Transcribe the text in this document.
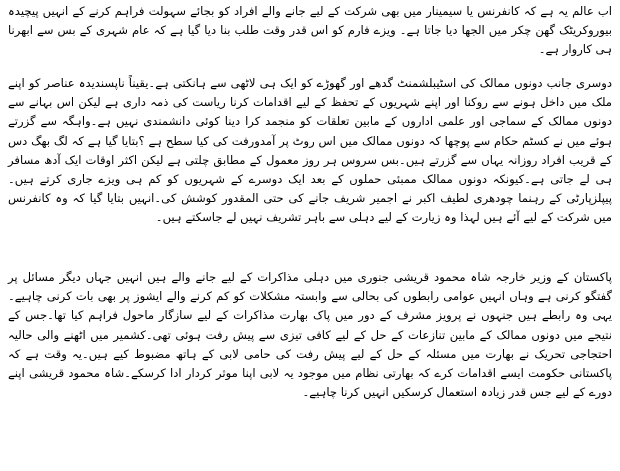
اب عالم یہ ہے کہ کانفرنس یا سیمینار میں بھی شرکت کے لیے جانے والے افراد کو بجائے سہولت فراہم کرنے کے انہیں پیچیدہ بیوروکریٹک گھن چکر میں الجھا دیا جاتا ہے۔ ویزے فارم کو اس قدر وقت طلب بنا دیا گیا ہے کہ عام شہری کے بس سے ابھرنا ہی کاروار ہے۔

دوسری جانب دونوں ممالک کی اسٹیبلشمنٹ گدھے اور گھوڑے کو ایک ہی لاٹھی سے ہانکتی ہے۔یقیناً ناپسندیدہ عناصر کو اپنے ملک میں داخل ہونے سے روکنا اور اپنے شہریوں کے تحفظ کے لیے اقدامات کرنا ریاست کی ذمہ داری ہے لیکن اس بہانے سے دونوں ممالک کے سماجی اور علمی اداروں کے مابین تعلقات کو منجمد کرا دینا کوئی دانشمندی نہیں ہے۔واہگہ سے گزرتے ہوئے میں نے کسٹم حکام سے پوچھا کہ دونوں ممالک میں اس روٹ پر آمدورفت کی کیا سطح ہے ؟بتایا گیا ہے کہ لگ بھگ دس کے قریب افراد روزانہ یہاں سے گزرتے ہیں۔بس سروس ہر روز معمول کے مطابق چلتی ہے لیکن اکثر اوقات ایک آدھ مسافر ہی لے جاتی ہے۔کیونکہ دونوں ممالک ممبئی حملوں کے بعد ایک دوسرے کے شہریوں کو کم ہی ویزے جاری کرتے ہیں۔پیپلزپارٹی کے رہنما چودھری لطیف اکبر نے اجمیر شریف جانے کی حتی المقدور کوشش کی۔انہیں بتایا گیا کہ وہ کانفرنس میں شرکت کے لیے آئے ہیں لہذا وہ زیارت کے لیے دہلی سے باہر تشریف نہیں لے جاسکتے ہیں۔

پاکستان کے وزیر خارجہ شاہ محمود قریشی جنوری میں دہلی مذاکرات کے لیے جانے والے ہیں انہیں جہاں دیگر مسائل پر گفتگو کرنی ہے وہاں انہیں عوامی رابطوں کی بحالی سے وابستہ مشکلات کو کم کرنے والے ایشوز پر بھی بات کرنی چاہیے۔یہی وہ رابطے ہیں جنہوں نے پرویز مشرف کے دور میں پاک بھارت مذاکرات کے لیے سازگار ماحول فراہم کیا تھا۔جس کے نتیجے میں دونوں ممالک کے مابین تنازعات کے حل کے لیے کافی تیزی سے پیش رفت ہوئی تھی۔کشمیر میں اٹھنے والی حالیہ احتجاجی تحریک نے بھارت میں مسئلہ کے حل کے لیے پیش رفت کی حامی لابی کے ہاتھ مضبوط کیے ہیں۔یہ وقت ہے کہ پاکستانی حکومت ایسے اقدامات کرے کہ بھارتی نظام میں موجود یہ لابی اپنا موثر کردار ادا کرسکے۔شاہ محمود قریشی اپنے دورے کے لیے جس قدر زیادہ استعمال کرسکیں انہیں کرنا چاہیے۔
